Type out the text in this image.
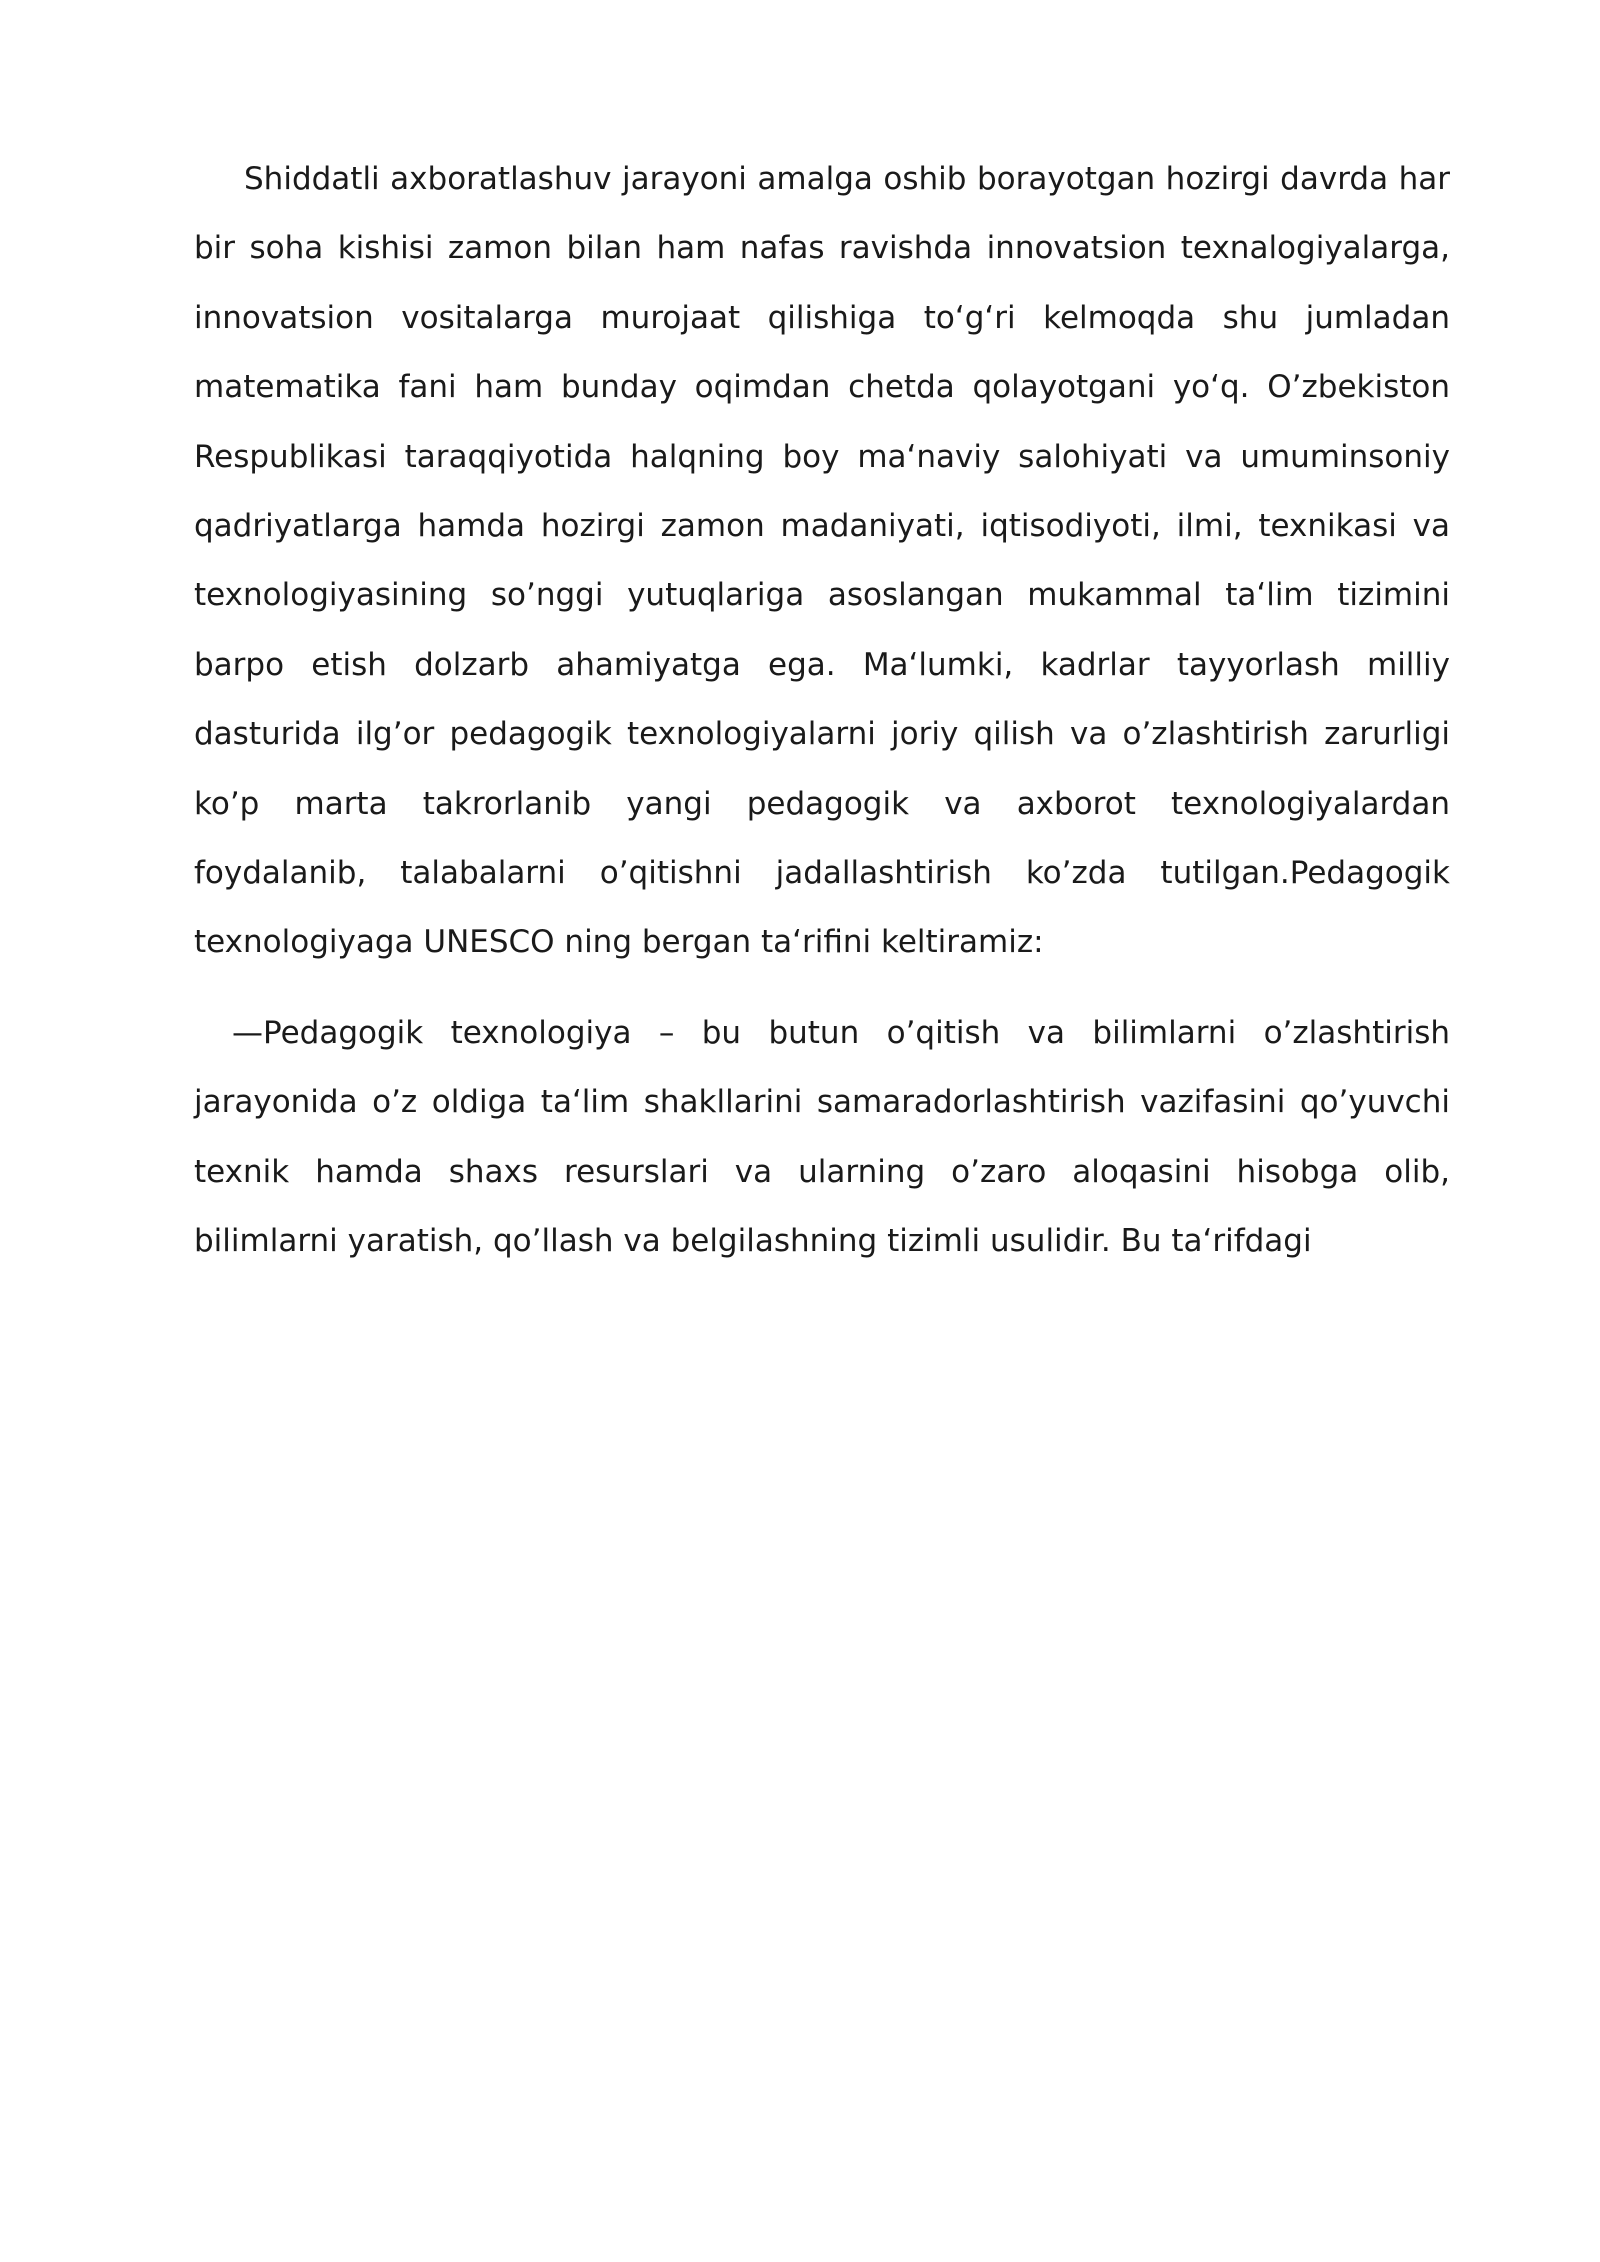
Shiddatli axboratlashuv jarayoni amalga oshib borayotgan hozirgi davrda har bir soha kishisi zamon bilan ham nafas ravishda innovatsion texnalogiyalarga, innovatsion vositalarga murojaat qilishiga to‘g‘ri kelmoqda shu jumladan matematika fani ham bunday oqimdan chetda qolayotgani yo‘q. O’zbekiston Respublikasi taraqqiyotida halqning boy ma‘naviy salohiyati va umuminsoniy qadriyatlarga hamda hozirgi zamon madaniyati, iqtisodiyoti, ilmi, texnikasi va texnologiyasining so’nggi yutuqlariga asoslangan mukammal ta‘lim tizimini barpo etish dolzarb ahamiyatga ega. Ma‘lumki, kadrlar tayyorlash milliy dasturida ilg’or pedagogik texnologiyalarni joriy qilish va o’zlashtirish zarurligi ko’p marta takrorlanib yangi pedagogik va axborot texnologiyalardan foydalanib, talabalarni o’qitishni jadallashtirish ko’zda tutilgan.Pedagogik texnologiyaga UNESCO ning bergan ta‘rifini keltiramiz:

—Pedagogik texnologiya – bu butun o’qitish va bilimlarni o’zlashtirish jarayonida o’z oldiga ta‘lim shakllarini samaradorlashtirish vazifasini qo’yuvchi texnik hamda shaxs resurslari va ularning o’zaro aloqasini hisobga olib, bilimlarni yaratish, qo’llash va belgilashning tizimli usulidir. Bu ta‘rifdagi
